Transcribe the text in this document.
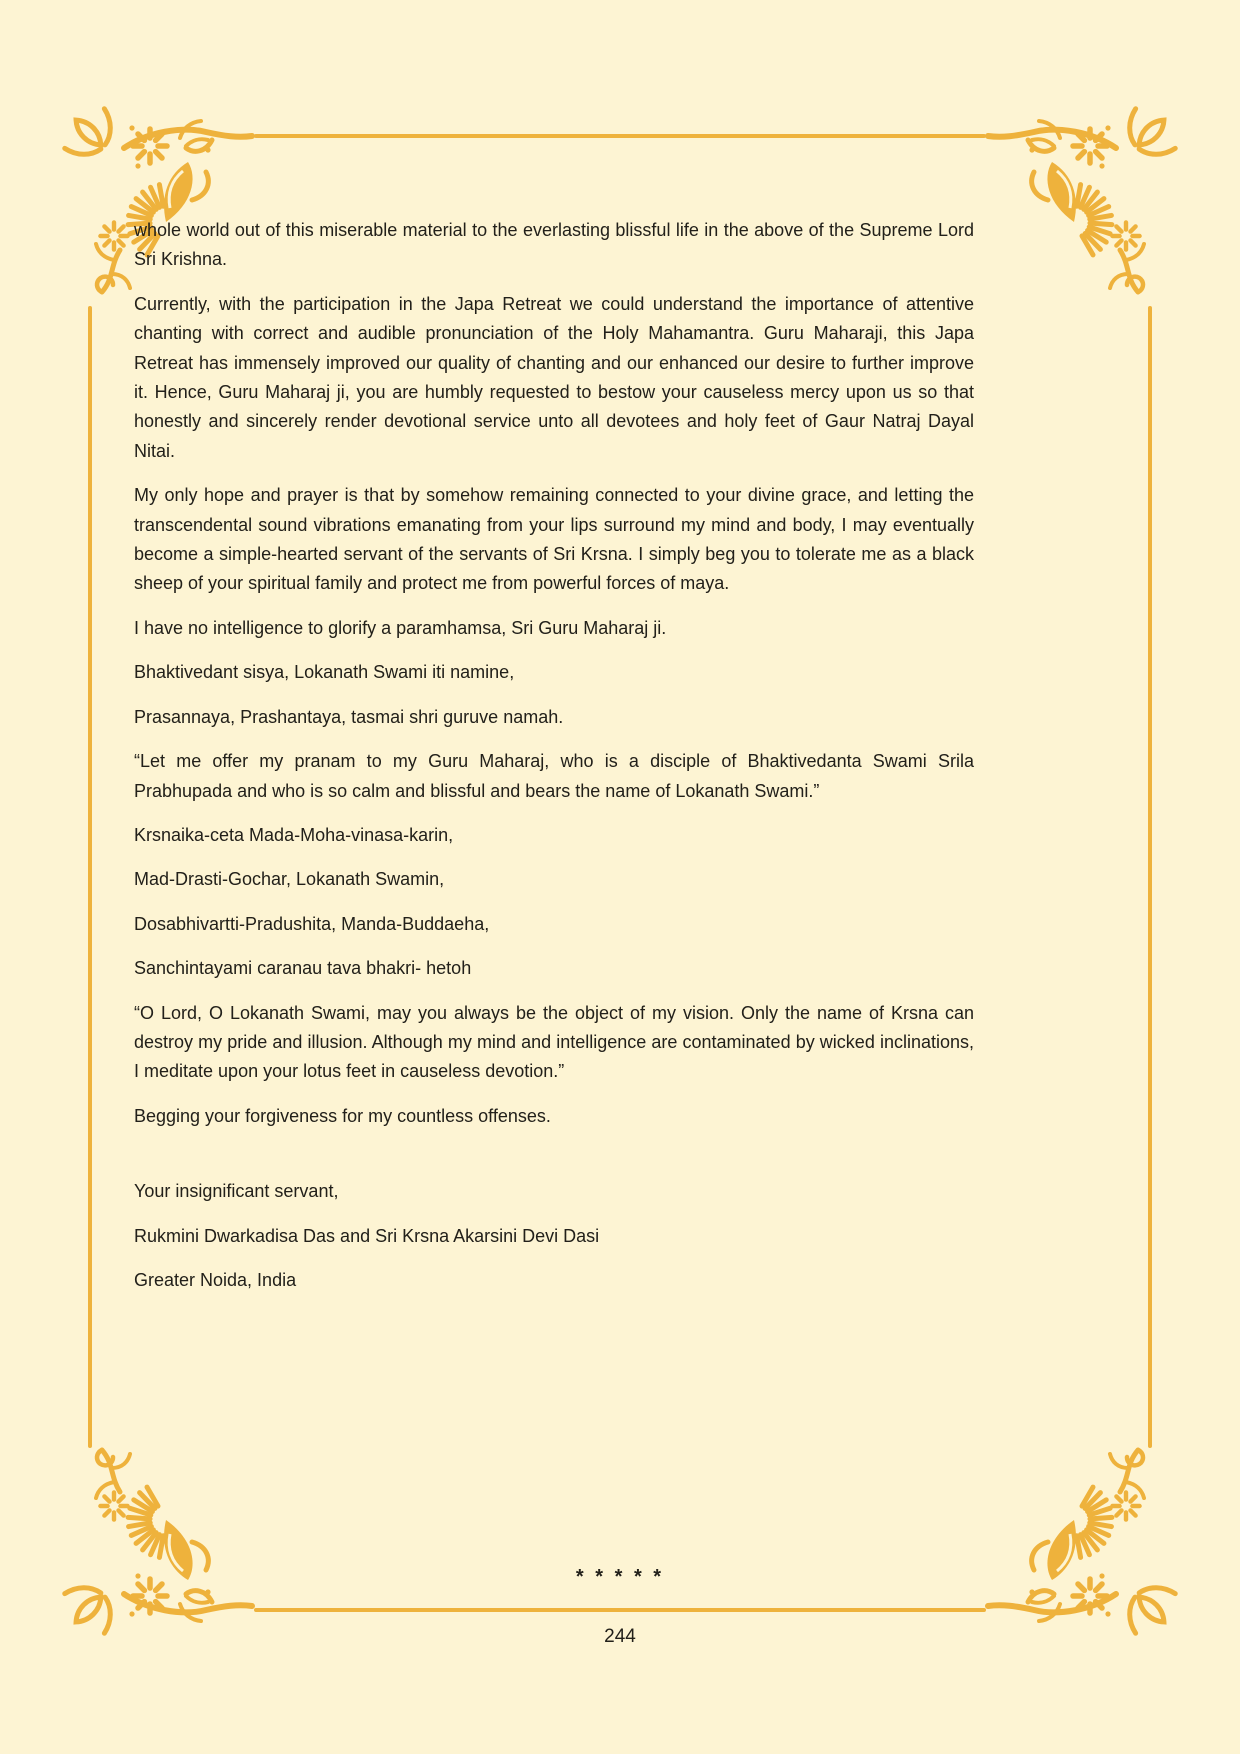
whole world out of this miserable material to the everlasting blissful life in the above of the Supreme Lord Sri Krishna.

Currently, with the participation in the Japa Retreat we could understand the importance of attentive chanting with correct and audible pronunciation of the Holy Mahamantra. Guru Maharaji, this Japa Retreat has immensely improved our quality of chanting and our enhanced our desire to further improve it. Hence, Guru Maharaj ji, you are humbly requested to bestow your causeless mercy upon us so that honestly and sincerely render devotional service unto all devotees and holy feet of Gaur Natraj Dayal Nitai.

My only hope and prayer is that by somehow remaining connected to your divine grace, and letting the transcendental sound vibrations emanating from your lips surround my mind and body, I may eventually become a simple-hearted servant of the servants of Sri Krsna. I simply beg you to tolerate me as a black sheep of your spiritual family and protect me from powerful forces of maya.

I have no intelligence to glorify a paramhamsa, Sri Guru Maharaj ji.

Bhaktivedant sisya, Lokanath Swami iti namine,

Prasannaya, Prashantaya, tasmai shri guruve namah.

“Let me offer my pranam to my Guru Maharaj, who is a disciple of Bhaktivedanta Swami Srila Prabhupada and who is so calm and blissful and bears the name of Lokanath Swami.”

Krsnaika-ceta Mada-Moha-vinasa-karin,

Mad-Drasti-Gochar, Lokanath Swamin,

Dosabhivartti-Pradushita, Manda-Buddaeha,

Sanchintayami caranau tava bhakri- hetoh

“O Lord, O Lokanath Swami, may you always be the object of my vision. Only the name of Krsna can destroy my pride and illusion. Although my mind and intelligence are contaminated by wicked inclinations, I meditate upon your lotus feet in causeless devotion.”

Begging your forgiveness for my countless offenses.

Your insignificant servant,

Rukmini Dwarkadisa Das and Sri Krsna Akarsini Devi Dasi

Greater Noida, India

* * * * *
244
